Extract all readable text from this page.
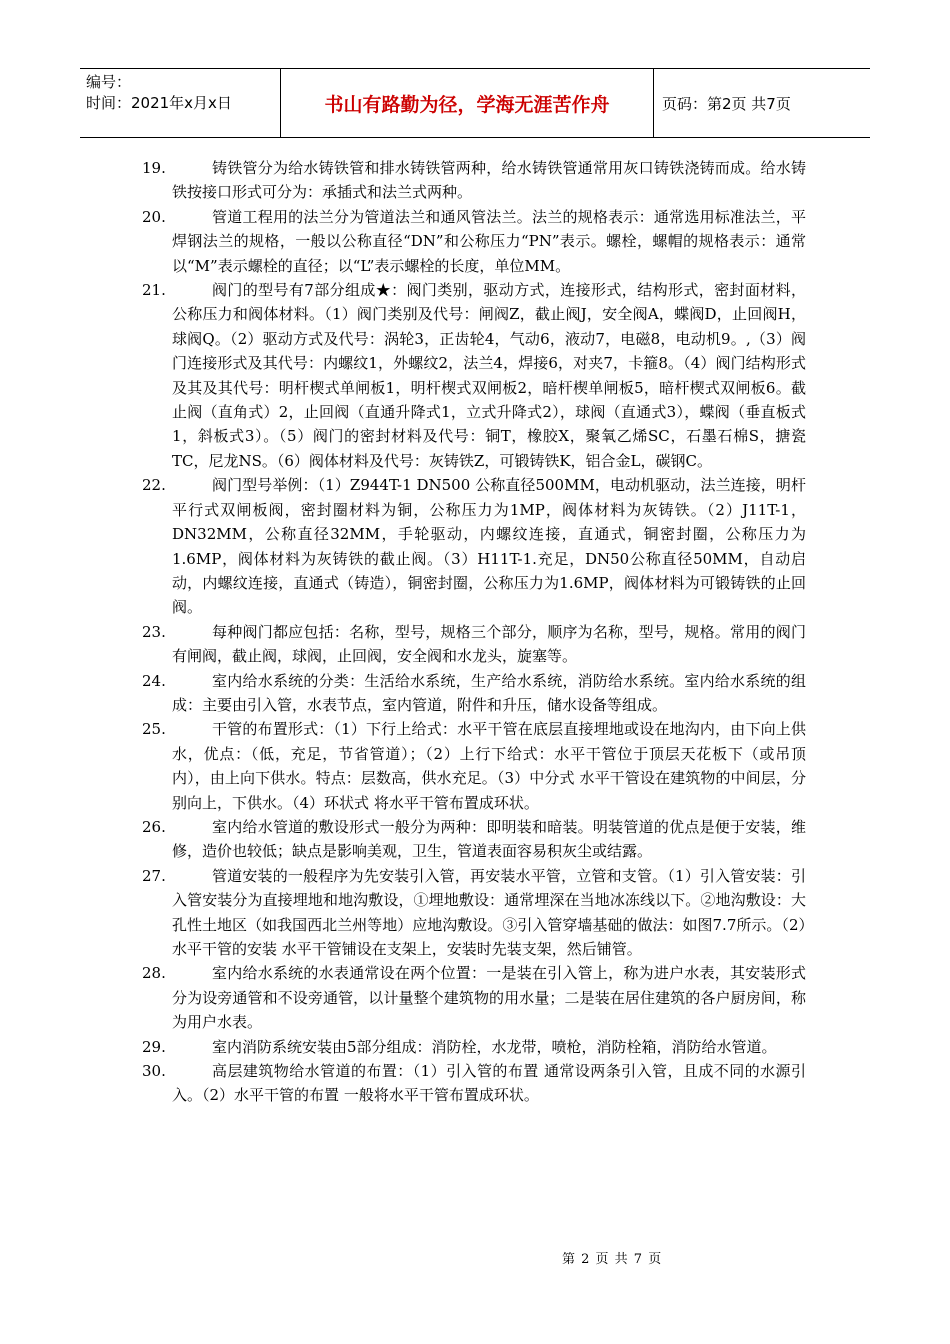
编号：
时间：2021年x月x日	书山有路勤为径，学海无涯苦作舟	页码：第2页 共7页
19.	铸铁管分为给水铸铁管和排水铸铁管两种，给水铸铁管通常用灰口铸铁浇铸而成。给水铸铁按接口形式可分为：承插式和法兰式两种。
20.	管道工程用的法兰分为管道法兰和通风管法兰。法兰的规格表示：通常选用标准法兰，平焊钢法兰的规格，一般以公称直径“DN”和公称压力“PN”表示。螺栓，螺帽的规格表示：通常以“M”表示螺栓的直径；以“L”表示螺栓的长度，单位MM。
21.	阀门的型号有7部分组成★：阀门类别，驱动方式，连接形式，结构形式，密封面材料，公称压力和阀体材料。（1）阀门类别及代号：闸阀Z，截止阀J，安全阀A，蝶阀D，止回阀H，球阀Q。（2）驱动方式及代号：涡轮3，正齿轮4，气动6，液动7，电磁8，电动机9。,（3）阀门连接形式及其代号：内螺纹1，外螺纹2，法兰4，焊接6，对夹7，卡箍8。（4）阀门结构形式及其及其代号：明杆楔式单闸板1，明杆楔式双闸板2，暗杆楔单闸板5，暗杆楔式双闸板6。截止阀（直角式）2，止回阀（直通升降式1，立式升降式2），球阀（直通式3），蝶阀（垂直板式1，斜板式3）。（5）阀门的密封材料及代号：铜T，橡胶X，聚氧乙烯SC，石墨石棉S，搪瓷TC，尼龙NS。（6）阀体材料及代号：灰铸铁Z，可锻铸铁K，铝合金L，碳钢C。
22.	阀门型号举例：（1）Z944T-1 DN500 公称直径500MM，电动机驱动，法兰连接，明杆平行式双闸板阀，密封圈材料为铜，公称压力为1MP，阀体材料为灰铸铁。（2）J11T-1，DN32MM，公称直径32MM，手轮驱动，内螺纹连接，直通式，铜密封圈，公称压力为1.6MP，阀体材料为灰铸铁的截止阀。（3）H11T-1.充足，DN50公称直径50MM，自动启动，内螺纹连接，直通式（铸造），铜密封圈，公称压力为1.6MP，阀体材料为可锻铸铁的止回阀。
23.	每种阀门都应包括：名称，型号，规格三个部分，顺序为名称，型号，规格。常用的阀门有闸阀，截止阀，球阀，止回阀，安全阀和水龙头，旋塞等。
24.	室内给水系统的分类：生活给水系统，生产给水系统，消防给水系统。室内给水系统的组成：主要由引入管，水表节点，室内管道，附件和升压，储水设备等组成。
25.	干管的布置形式：（1）下行上给式：水平干管在底层直接埋地或设在地沟内，由下向上供水，优点：（低，充足，节省管道）；（2）上行下给式：水平干管位于顶层天花板下（或吊顶内），由上向下供水。特点：层数高，供水充足。（3）中分式 水平干管设在建筑物的中间层，分别向上，下供水。（4）环状式 将水平干管布置成环状。
26.	室内给水管道的敷设形式一般分为两种：即明装和暗装。明装管道的优点是便于安装，维修，造价也较低；缺点是影响美观，卫生，管道表面容易积灰尘或结露。
27.	管道安装的一般程序为先安装引入管，再安装水平管，立管和支管。（1）引入管安装：引入管安装分为直接埋地和地沟敷设，①埋地敷设：通常埋深在当地冰冻线以下。②地沟敷设：大孔性土地区（如我国西北兰州等地）应地沟敷设。③引入管穿墙基础的做法：如图7.7所示。（2）水平干管的安装 水平干管铺设在支架上，安装时先装支架，然后铺管。
28.	室内给水系统的水表通常设在两个位置：一是装在引入管上，称为进户水表，其安装形式分为设旁通管和不设旁通管，以计量整个建筑物的用水量；二是装在居住建筑的各户厨房间，称为用户水表。
29.	室内消防系统安装由5部分组成：消防栓，水龙带，喷枪，消防栓箱，消防给水管道。
30.	高层建筑物给水管道的布置：（1）引入管的布置 通常设两条引入管，且成不同的水源引入。（2）水平干管的布置 一般将水平干管布置成环状。
第 2 页 共 7 页
